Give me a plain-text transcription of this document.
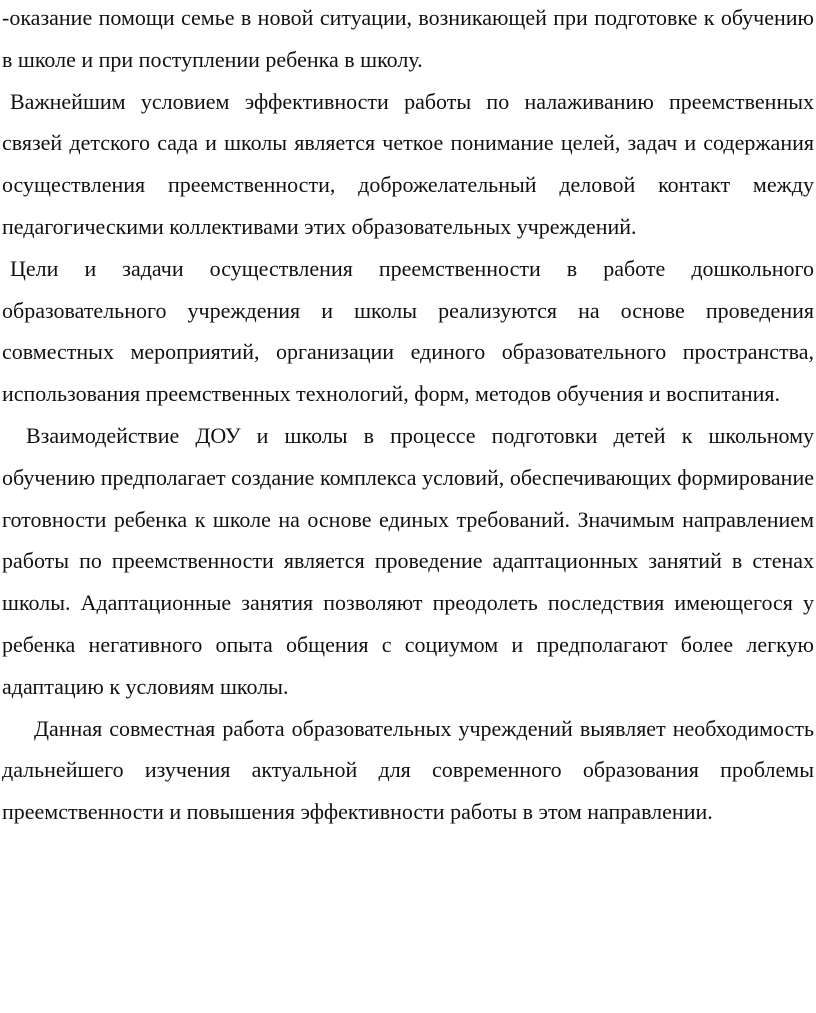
-оказание помощи семье в новой ситуации, возникающей при подготовке к обучению в школе и при поступлении ребенка в школу.

Важнейшим условием эффективности работы по налаживанию преемственных связей детского сада и школы является четкое понимание целей, задач и содержания осуществления преемственности, доброжелательный деловой контакт между педагогическими коллективами этих образовательных учреждений.

Цели и задачи осуществления преемственности в работе дошкольного образовательного учреждения и школы реализуются на основе проведения совместных мероприятий, организации единого образовательного пространства, использования преемственных технологий, форм, методов обучения и воспитания.

Взаимодействие ДОУ и школы в процессе подготовки детей к школьному обучению предполагает создание комплекса условий, обеспечивающих формирование готовности ребенка к школе на основе единых требований. Значимым направлением работы по преемственности является проведение адаптационных занятий в стенах школы. Адаптационные занятия позволяют преодолеть последствия имеющегося у ребенка негативного опыта общения с социумом и предполагают более легкую адаптацию к условиям школы.

Данная совместная работа образовательных учреждений выявляет необходимость дальнейшего изучения актуальной для современного образования проблемы преемственности и повышения эффективности работы в этом направлении.
